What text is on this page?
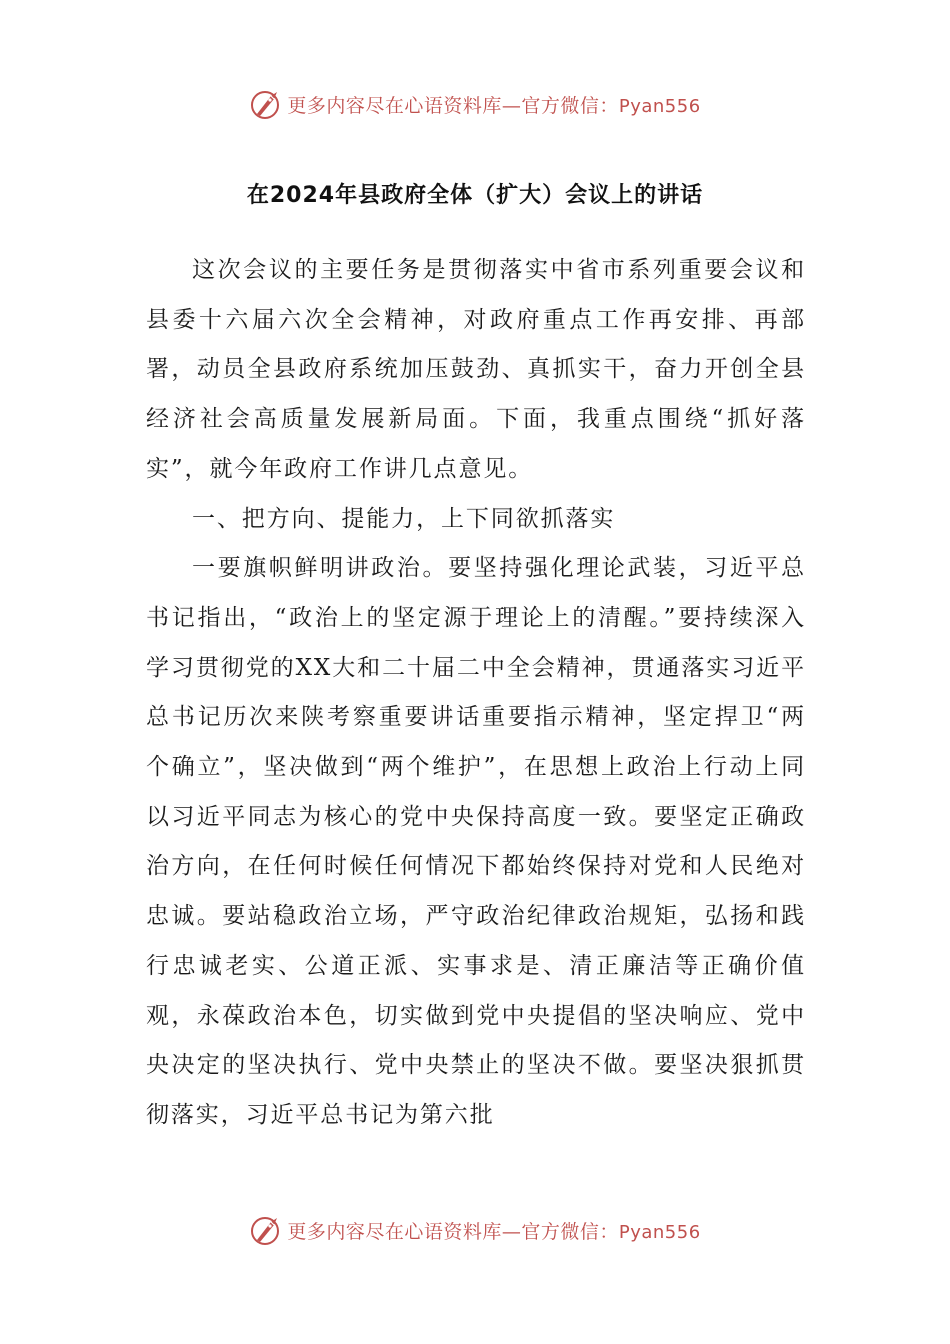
更多内容尽在心语资料库—官方微信：Pyan556
在2024年县政府全体（扩大）会议上的讲话

这次会议的主要任务是贯彻落实中省市系列重要会议和县委十六届六次全会精神，对政府重点工作再安排、再部署，动员全县政府系统加压鼓劲、真抓实干，奋力开创全县经济社会高质量发展新局面。下面，我重点围绕“抓好落实”，就今年政府工作讲几点意见。

一、把方向、提能力，上下同欲抓落实

一要旗帜鲜明讲政治。要坚持强化理论武装，习近平总书记指出，“政治上的坚定源于理论上的清醒。”要持续深入学习贯彻党的XX大和二十届二中全会精神，贯通落实习近平总书记历次来陕考察重要讲话重要指示精神，坚定捍卫“两个确立”，坚决做到“两个维护”，在思想上政治上行动上同以习近平同志为核心的党中央保持高度一致。要坚定正确政治方向，在任何时候任何情况下都始终保持对党和人民绝对忠诚。要站稳政治立场，严守政治纪律政治规矩，弘扬和践行忠诚老实、公道正派、实事求是、清正廉洁等正确价值观，永葆政治本色，切实做到党中央提倡的坚决响应、党中央决定的坚决执行、党中央禁止的坚决不做。要坚决狠抓贯彻落实，习近平总书记为第六批

更多内容尽在心语资料库—官方微信：Pyan556
